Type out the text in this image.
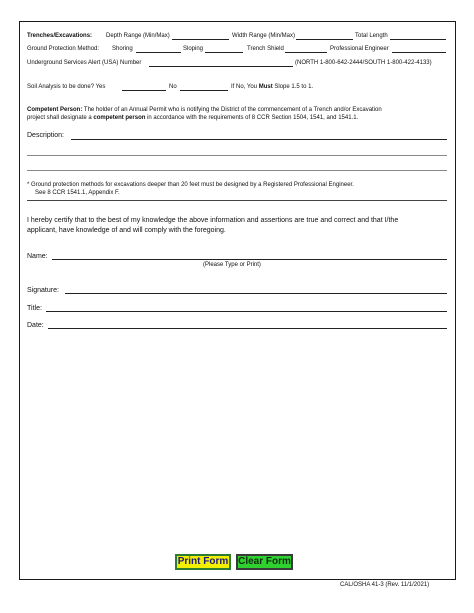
Trenches/Excavations: Depth Range (Min/Max)	Width Range (Min/Max)	Total Length
Ground Protection Method: Shoring	Sloping	Trench Shield	Professional Engineer
Underground Services Alert (USA) Number	(NORTH 1-800-642-2444/SOUTH 1-800-422-4133)
Soil Analysis to be done? Yes	No	If No, You Must Slope 1.5 to 1.
Competent Person: The holder of an Annual Permit who is notifying the District of the commencement of a Trench and/or Excavation
project shall designate a competent person in accordance with the requirements of 8 CCR Section 1504, 1541, and 1541.1.
Description:
* Ground protection methods for excavations deeper than 20 feet must be designed by a Registered Professional Engineer.
See 8 CCR 1541.1, Appendix F.
I hereby certify that to the best of my knowledge the above information and assertions are true and correct and that I/the
applicant, have knowledge of and will comply with the foregoing.
Name:
(Please Type or Print)
Signature:
Title:
Date:
Print Form Clear Form
CAL/OSHA 41-3 (Rev. 11/1/2021)
